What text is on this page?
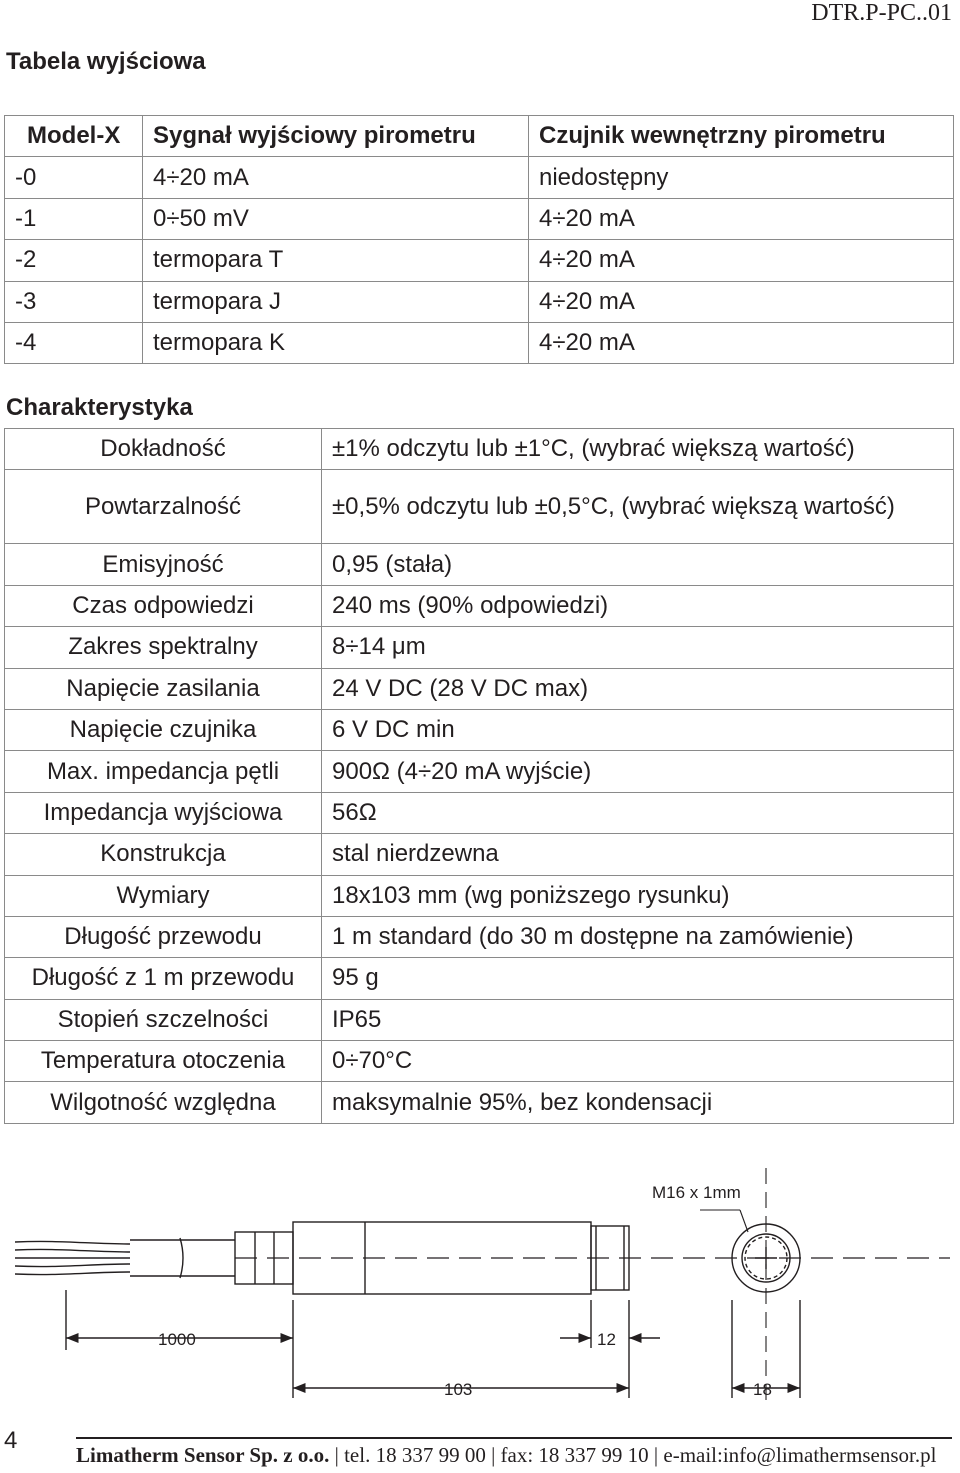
DTR.P-PC..01
Tabela wyjściowa
Model-X	Sygnał wyjściowy pirometru	Czujnik wewnętrzny pirometru
-0	4÷20 mA	niedostępny
-1	0÷50 mV	4÷20 mA
-2	termopara T	4÷20 mA
-3	termopara J	4÷20 mA
-4	termopara K	4÷20 mA
Charakterystyka
Dokładność	±1% odczytu lub ±1°C, (wybrać większą wartość)
Powtarzalność	±0,5% odczytu lub ±0,5°C, (wybrać większą wartość)
Emisyjność	0,95 (stała)
Czas odpowiedzi	240 ms (90% odpowiedzi)
Zakres spektralny	8÷14 μm
Napięcie zasilania	24 V DC (28 V DC max)
Napięcie czujnika	6 V DC min
Max. impedancja pętli	900Ω (4÷20 mA wyjście)
Impedancja wyjściowa	56Ω
Konstrukcja	stal nierdzewna
Wymiary	18x103 mm (wg poniższego rysunku)
Długość przewodu	1 m standard (do 30 m dostępne na zamówienie)
Długość z 1 m przewodu	95 g
Stopień szczelności	IP65
Temperatura otoczenia	0÷70°C
Wilgotność względna	maksymalnie 95%, bez kondensacji
M16 x 1mm
1000	12
103	18
4
Limatherm Sensor Sp. z o.o. | tel. 18 337 99 00 | fax: 18 337 99 10 | e-mail:info@limathermsensor.pl
